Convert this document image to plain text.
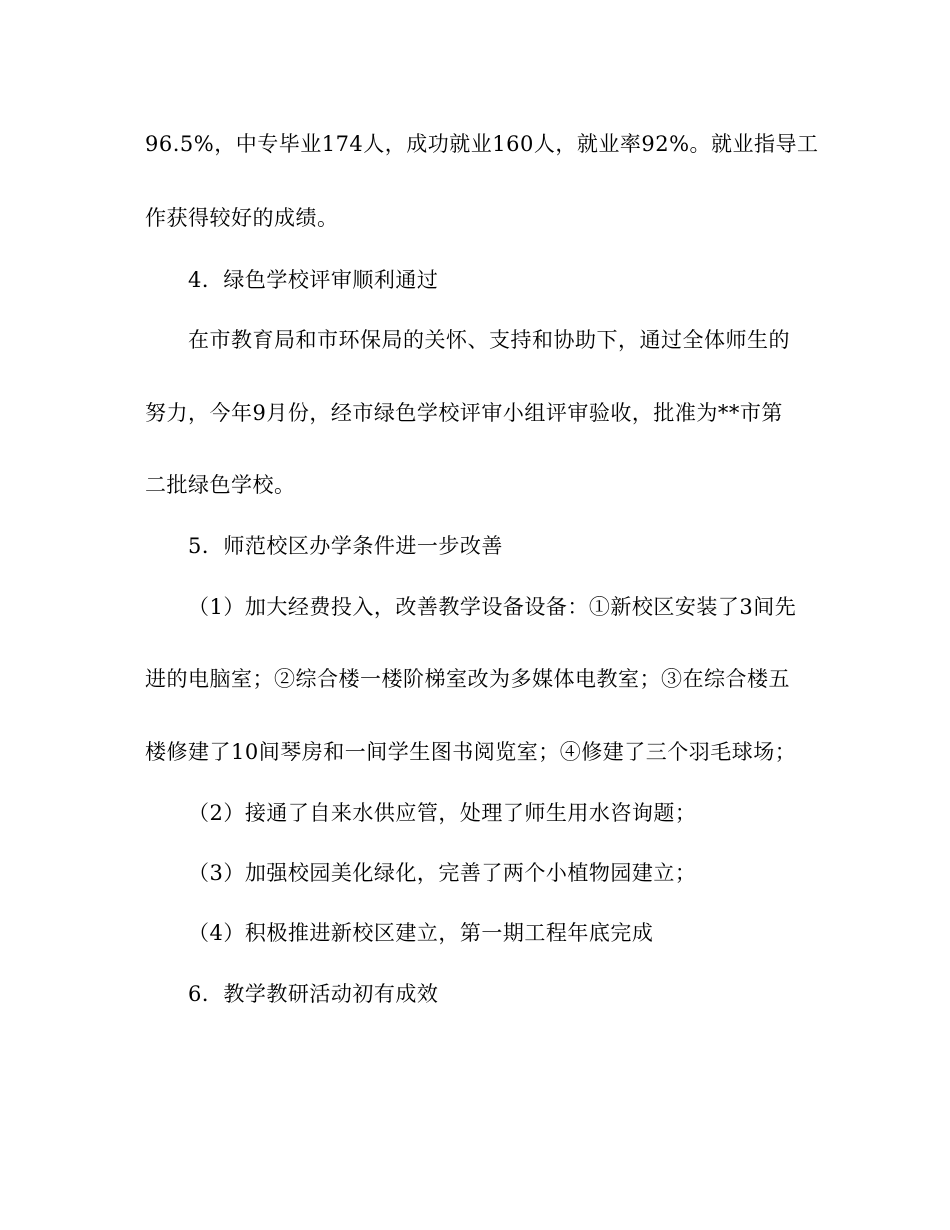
96.5%，中专毕业174人，成功就业160人，就业率92%。就业指导工
作获得较好的成绩。
4．绿色学校评审顺利通过
在市教育局和市环保局的关怀、支持和协助下，通过全体师生的
努力，今年9月份，经市绿色学校评审小组评审验收，批准为**市第
二批绿色学校。
5．师范校区办学条件进一步改善
（1）加大经费投入，改善教学设备设备：①新校区安装了3间先
进的电脑室；②综合楼一楼阶梯室改为多媒体电教室；③在综合楼五
楼修建了10间琴房和一间学生图书阅览室；④修建了三个羽毛球场；
（2）接通了自来水供应管，处理了师生用水咨询题；
（3）加强校园美化绿化，完善了两个小植物园建立；
（4）积极推进新校区建立，第一期工程年底完成
6．教学教研活动初有成效
